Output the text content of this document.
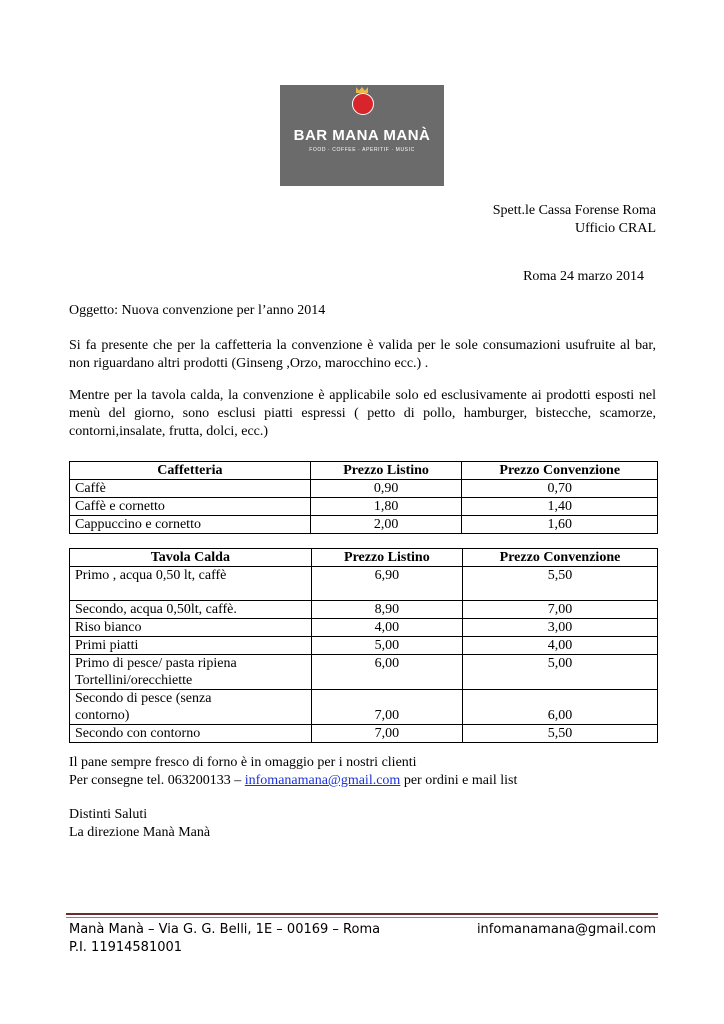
BAR MANA MANÀ
FOOD · COFFEE · APERITIF · MUSIC
Spett.le Cassa Forense Roma
Ufficio CRAL
Roma 24 marzo 2014
Oggetto: Nuova convenzione per l’anno 2014
Si fa presente che per la caffetteria la convenzione è valida per le sole consumazioni usufruite al bar, non riguardano altri prodotti (Ginseng ,Orzo, marocchino ecc.) .
Mentre per la tavola calda, la convenzione è applicabile solo ed esclusivamente ai prodotti esposti nel menù del giorno, sono esclusi piatti espressi ( petto di pollo, hamburger, bistecche, scamorze, contorni,insalate, frutta, dolci, ecc.)
Caffetteria	Prezzo Listino	Prezzo Convenzione
Caffè	0,90	0,70
Caffè e cornetto	1,80	1,40
Cappuccino e cornetto	2,00	1,60
Tavola Calda	Prezzo Listino	Prezzo Convenzione
Primo , acqua 0,50 lt, caffè	6,90	5,50
Secondo, acqua 0,50lt, caffè.	8,90	7,00
Riso bianco	4,00	3,00
Primi piatti	5,00	4,00

Primo di pesce/ pasta ripiena
Tortellini/orecchiette	6,00	5,00

Secondo di pesce (senza
contorno)	7,00	6,00
Secondo con contorno	7,00	5,50
Il pane sempre fresco di forno è in omaggio per i nostri clienti
Per consegne tel. 063200133 – infomanamana@gmail.com per ordini e mail list
Distinti Saluti
La direzione Manà Manà
Manà Manà – Via G. G. Belli, 1E – 00169 – Roma
P.I. 11914581001
infomanamana@gmail.com
